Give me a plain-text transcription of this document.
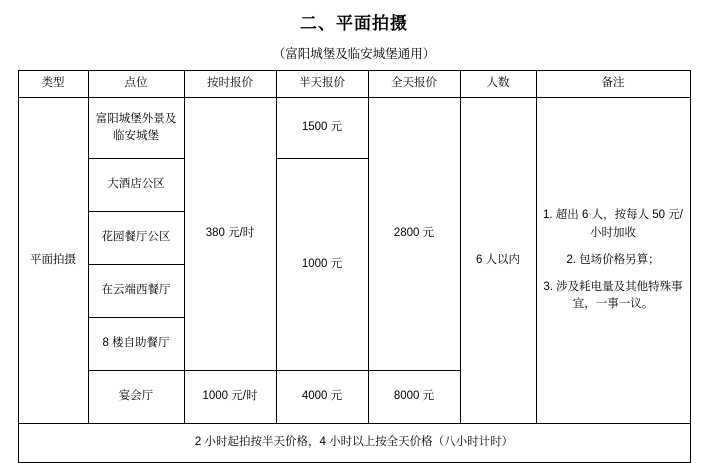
二、平面拍摄
（富阳城堡及临安城堡通用）
类型	点位	按时报价	半天报价	全天报价	人数	备注
平面拍摄	富阳城堡外景及临安城堡	380 元/时	1500 元	2800 元	6 人以内	1. 超出 6 人，按每人 50 元/小时加收

2. 包场价格另算；

3. 涉及耗电量及其他特殊事宜，一事一议。

	大酒店公区		1000 元			
	花园餐厅公区					
	在云端西餐厅					
	8 楼自助餐厅					
	宴会厅	1000 元/时	4000 元	8000 元		
2 小时起拍按半天价格，4 小时以上按全天价格（八小时计时）						
